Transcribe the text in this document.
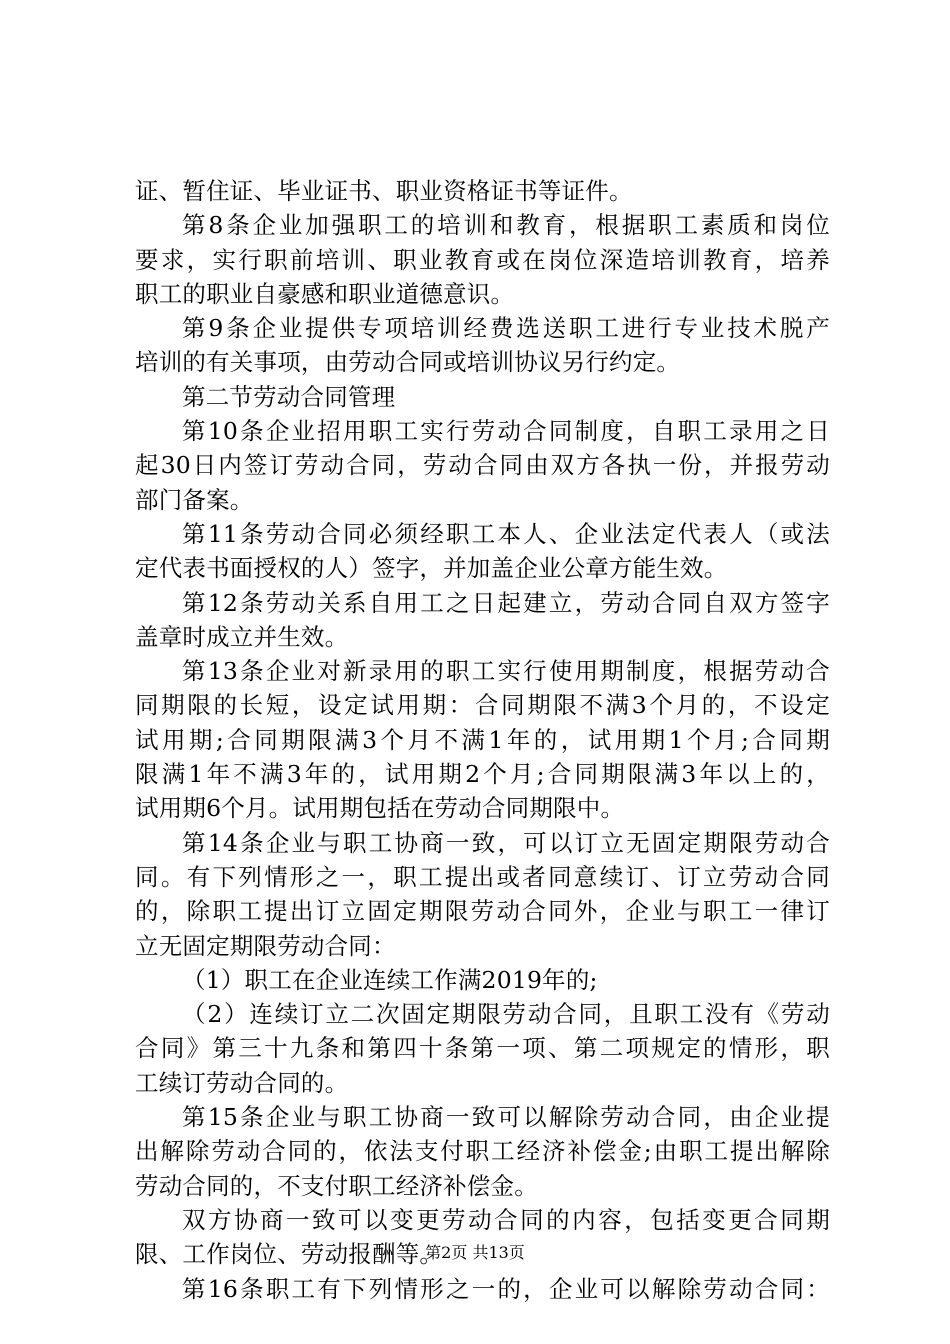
证、暂住证、毕业证书、职业资格证书等证件。
第8条企业加强职工的培训和教育，根据职工素质和岗位
要求，实行职前培训、职业教育或在岗位深造培训教育，培养
职工的职业自豪感和职业道德意识。
第9条企业提供专项培训经费选送职工进行专业技术脱产
培训的有关事项，由劳动合同或培训协议另行约定。
第二节劳动合同管理
第10条企业招用职工实行劳动合同制度，自职工录用之日
起30日内签订劳动合同，劳动合同由双方各执一份，并报劳动
部门备案。
第11条劳动合同必须经职工本人、企业法定代表人（或法
定代表书面授权的人）签字，并加盖企业公章方能生效。
第12条劳动关系自用工之日起建立，劳动合同自双方签字
盖章时成立并生效。
第13条企业对新录用的职工实行使用期制度，根据劳动合
同期限的长短，设定试用期：合同期限不满3个月的，不设定
试用期;合同期限满3个月不满1年的，试用期1个月;合同期
限满1年不满3年的，试用期2个月;合同期限满3年以上的，
试用期6个月。试用期包括在劳动合同期限中。
第14条企业与职工协商一致，可以订立无固定期限劳动合
同。有下列情形之一，职工提出或者同意续订、订立劳动合同
的，除职工提出订立固定期限劳动合同外，企业与职工一律订
立无固定期限劳动合同：
（1）职工在企业连续工作满2019年的;
（2）连续订立二次固定期限劳动合同，且职工没有《劳动
合同》第三十九条和第四十条第一项、第二项规定的情形，职
工续订劳动合同的。
第15条企业与职工协商一致可以解除劳动合同，由企业提
出解除劳动合同的，依法支付职工经济补偿金;由职工提出解除
劳动合同的，不支付职工经济补偿金。
双方协商一致可以变更劳动合同的内容，包括变更合同期
限、工作岗位、劳动报酬等。
第16条职工有下列情形之一的，企业可以解除劳动合同：
第2页 共13页
